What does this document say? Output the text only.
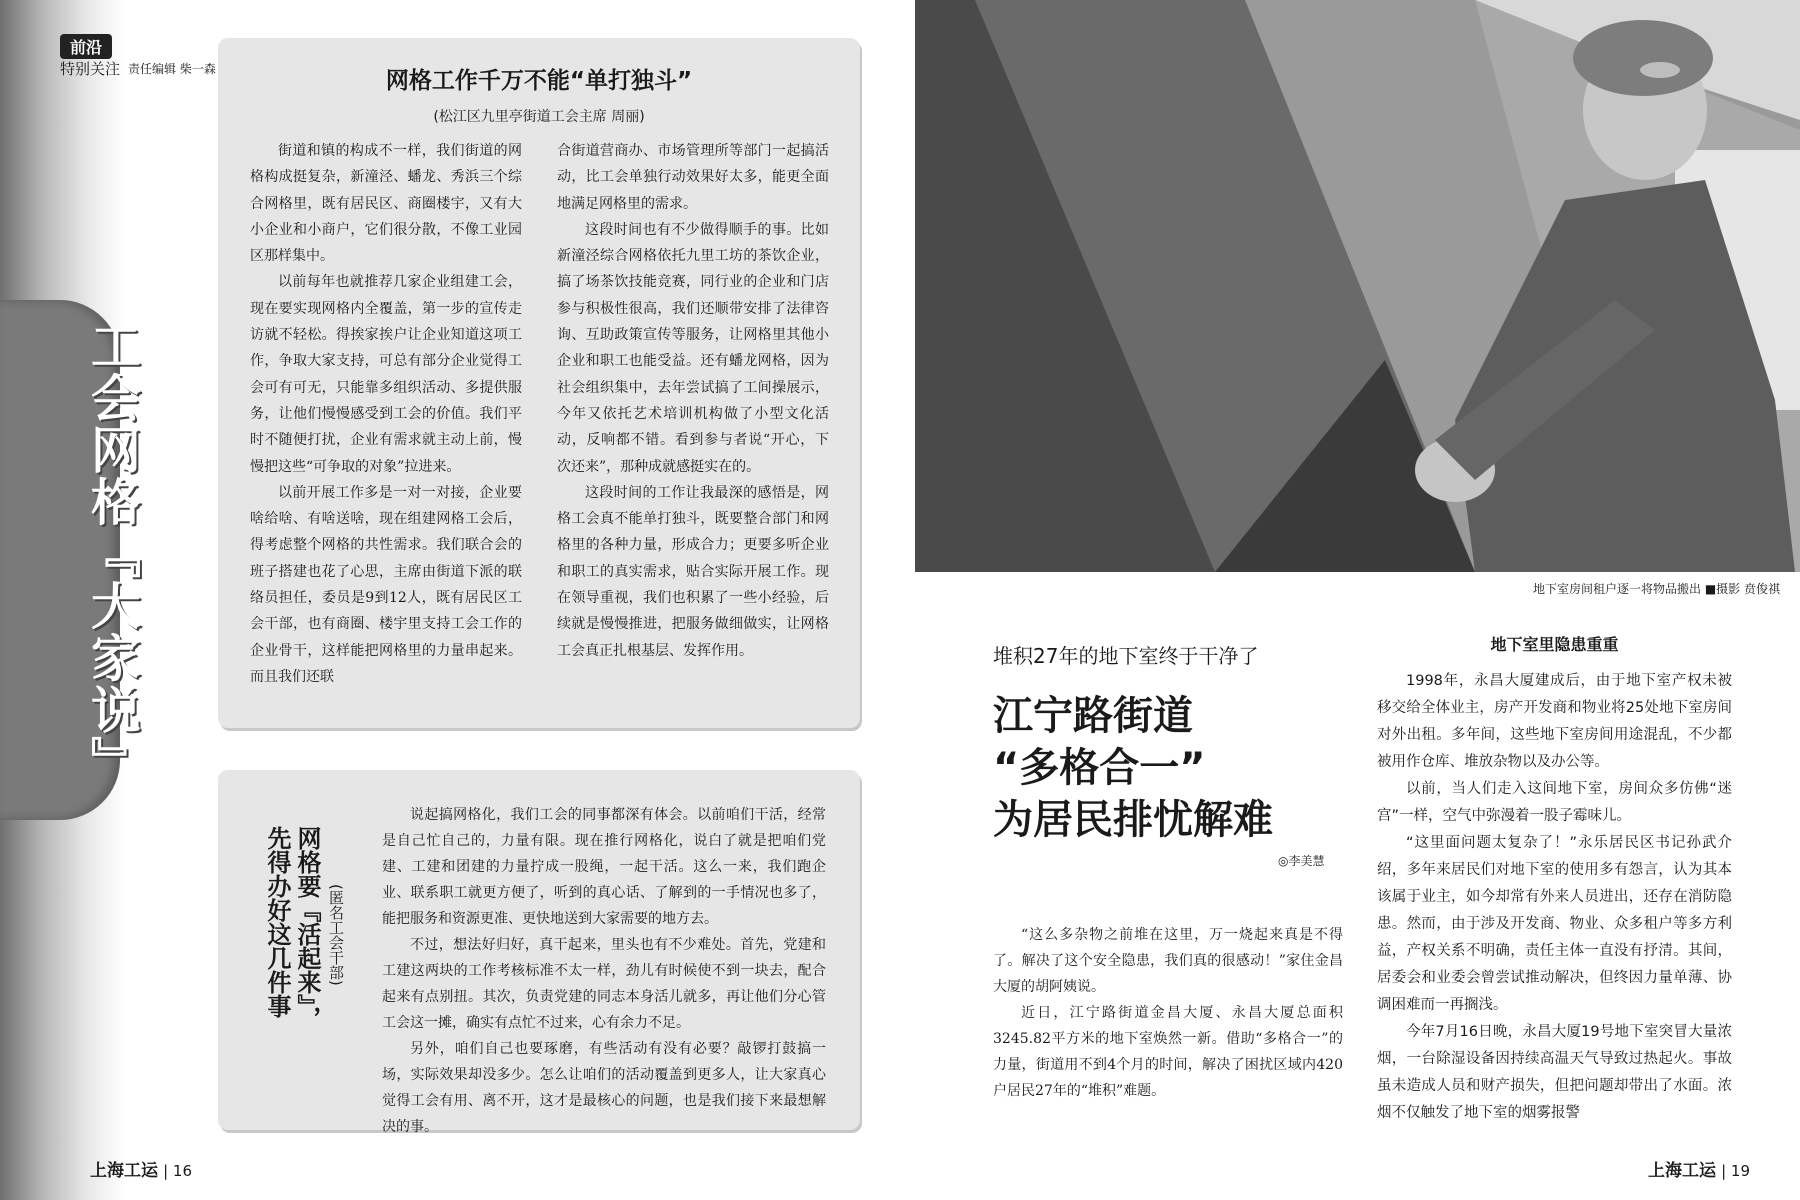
工会网格『大家说』
前沿
特别关注 责任编辑 柴一森	网格工作千万不能“单打独斗”
(松江区九里亭街道工会主席 周丽)

街道和镇的构成不一样，我们街道的网格构成挺复杂，新潼泾、蟠龙、秀浜三个综合网格里，既有居民区、商圈楼宇，又有大小企业和小商户，它们很分散，不像工业园区那样集中。

以前每年也就推荐几家企业组建工会，现在要实现网格内全覆盖，第一步的宣传走访就不轻松。得挨家挨户让企业知道这项工作，争取大家支持，可总有部分企业觉得工会可有可无，只能靠多组织活动、多提供服务，让他们慢慢感受到工会的价值。我们平时不随便打扰，企业有需求就主动上前，慢慢把这些“可争取的对象”拉进来。

以前开展工作多是一对一对接，企业要啥给啥、有啥送啥，现在组建网格工会后，得考虑整个网格的共性需求。我们联合会的班子搭建也花了心思，主席由街道下派的联络员担任，委员是9到12人，既有居民区工会干部，也有商圈、楼宇里支持工会工作的企业骨干，这样能把网格里的力量串起来。而且我们还联

合街道营商办、市场管理所等部门一起搞活动，比工会单独行动效果好太多，能更全面地满足网格里的需求。

这段时间也有不少做得顺手的事。比如新潼泾综合网格依托九里工坊的茶饮企业，搞了场茶饮技能竞赛，同行业的企业和门店参与积极性很高，我们还顺带安排了法律咨询、互助政策宣传等服务，让网格里其他小企业和职工也能受益。还有蟠龙网格，因为社会组织集中，去年尝试搞了工间操展示，今年又依托艺术培训机构做了小型文化活动，反响都不错。看到参与者说“开心，下次还来”，那种成就感挺实在的。

这段时间的工作让我最深的感悟是，网格工会真不能单打独斗，既要整合部门和网格里的各种力量，形成合力；更要多听企业和职工的真实需求，贴合实际开展工作。现在领导重视，我们也积累了一些小经验，后续就是慢慢推进，把服务做细做实，让网格工会真正扎根基层、发挥作用。

网格要『活起来』，先得办好这几件事	(匿名工会干部)

说起搞网格化，我们工会的同事都深有体会。以前咱们干活，经常是自己忙自己的，力量有限。现在推行网格化，说白了就是把咱们党建、工建和团建的力量拧成一股绳，一起干活。这么一来，我们跑企业、联系职工就更方便了，听到的真心话、了解到的一手情况也多了，能把服务和资源更准、更快地送到大家需要的地方去。

不过，想法好归好，真干起来，里头也有不少难处。首先，党建和工建这两块的工作考核标准不太一样，劲儿有时候使不到一块去，配合起来有点别扭。其次，负责党建的同志本身活儿就多，再让他们分心管工会这一摊，确实有点忙不过来，心有余力不足。

另外，咱们自己也要琢磨，有些活动有没有必要？敲锣打鼓搞一场，实际效果却没多少。怎么让咱们的活动覆盖到更多人，让大家真心觉得工会有用、离不开，这才是最核心的问题，也是我们接下来最想解决的事。

上海工运 | 16
地下室房间租户逐一将物品搬出 ■摄影 贲俊祺
堆积27年的地下室终于干净了
江宁路街道
“多格合一”
为居民排忧解难
◎李美慧

“这么多杂物之前堆在这里，万一烧起来真是不得了。解决了这个安全隐患，我们真的很感动！”家住金昌大厦的胡阿姨说。

近日，江宁路街道金昌大厦、永昌大厦总面积3245.82平方米的地下室焕然一新。借助“多格合一”的力量，街道用不到4个月的时间，解决了困扰区域内420户居民27年的“堆积”难题。

地下室里隐患重重

1998年，永昌大厦建成后，由于地下室产权未被移交给全体业主，房产开发商和物业将25处地下室房间对外出租。多年间，这些地下室房间用途混乱，不少都被用作仓库、堆放杂物以及办公等。

以前，当人们走入这间地下室，房间众多仿佛“迷宫”一样，空气中弥漫着一股子霉味儿。

“这里面问题太复杂了！”永乐居民区书记孙武介绍，多年来居民们对地下室的使用多有怨言，认为其本该属于业主，如今却常有外来人员进出，还存在消防隐患。然而，由于涉及开发商、物业、众多租户等多方利益，产权关系不明确，责任主体一直没有抒清。其间，居委会和业委会曾尝试推动解决，但终因力量单薄、协调困难而一再搁浅。

今年7月16日晚，永昌大厦19号地下室突冒大量浓烟，一台除湿设备因持续高温天气导致过热起火。事故虽未造成人员和财产损失，但把问题却带出了水面。浓烟不仅触发了地下室的烟雾报警

上海工运 | 19
